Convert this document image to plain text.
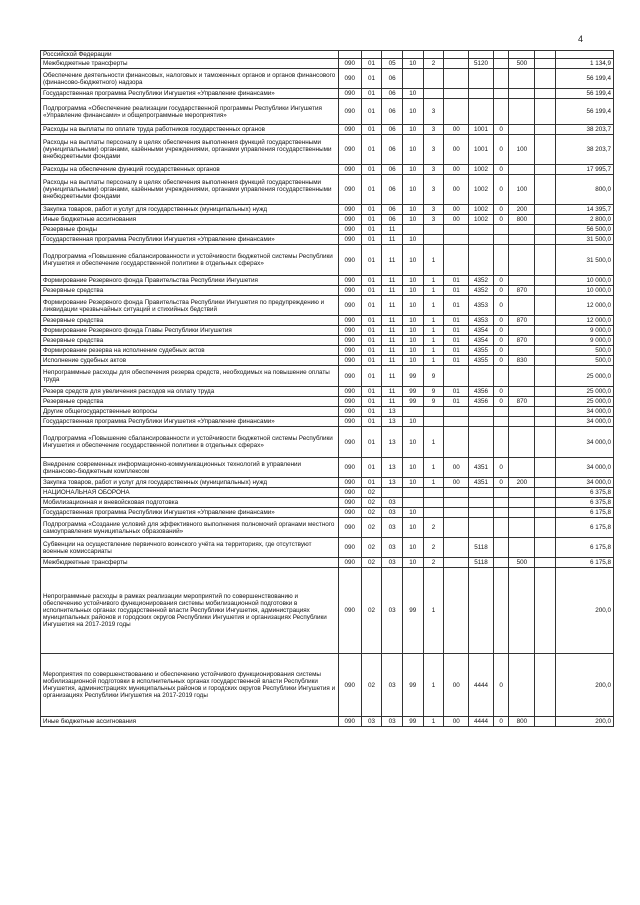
4
Российской Федерации											
Межбюджетные трансферты	090	01	05	10	2		5120		500		1 134,9
Обеспечение деятельности финансовых, налоговых и таможенных органов и органов финансового (финансово-бюджетного) надзора	090	01	06								56 199,4
Государственная программа Республики Ингушетия «Управление финансами»	090	01	06	10							56 199,4
Подпрограмма «Обеспечение реализации государственной программы Республики Ингушетия «Управление финансами» и общепрограммные мероприятия»	090	01	06	10	3						56 199,4
Расходы на выплаты по оплате труда работников государственных органов	090	01	06	10	3	00	1001	0			38 203,7
Расходы на выплаты персоналу в целях обеспечения выполнения функций государственными (муниципальными) органами, казёнными учреждениями, органами управления государственными внебюджетными фондами	090	01	06	10	3	00	1001	0	100		38 203,7
Расходы на обеспечение функций государственных органов	090	01	06	10	3	00	1002	0			17 995,7
Расходы на выплаты персоналу в целях обеспечения выполнения функций государственными (муниципальными) органами, казёнными учреждениями, органами управления государственными внебюджетными фондами	090	01	06	10	3	00	1002	0	100		800,0
Закупка товаров, работ и услуг для государственных (муниципальных) нужд	090	01	06	10	3	00	1002	0	200		14 395,7
Иные бюджетные ассигнования	090	01	06	10	3	00	1002	0	800		2 800,0
Резервные фонды	090	01	11								56 500,0
Государственная программа Республики Ингушетия «Управление финансами»	090	01	11	10							31 500,0
Подпрограмма «Повышение сбалансированности и устойчивости бюджетной системы Республики Ингушетия и обеспечение государственной политики в отдельных сферах»	090	01	11	10	1						31 500,0
Формирование Резервного фонда Правительства Республики Ингушетия	090	01	11	10	1	01	4352	0			10 000,0
Резервные средства	090	01	11	10	1	01	4352	0	870		10 000,0
Формирование Резервного фонда Правительства Республики Ингушетия по предупреждению и ликвидации чрезвычайных ситуаций и стихийных бедствий	090	01	11	10	1	01	4353	0			12 000,0
Резервные средства	090	01	11	10	1	01	4353	0	870		12 000,0
Формирование Резервного фонда Главы Республики Ингушетия	090	01	11	10	1	01	4354	0			9 000,0
Резервные средства	090	01	11	10	1	01	4354	0	870		9 000,0
Формирование резерва на исполнение судебных актов	090	01	11	10	1	01	4355	0			500,0
Исполнение судебных актов	090	01	11	10	1	01	4355	0	830		500,0
Непрограммные расходы для обеспечения резерва средств, необходимых на повышение оплаты труда	090	01	11	99	9						25 000,0
Резерв средств для увеличения расходов на оплату труда	090	01	11	99	9	01	4356	0			25 000,0
Резервные средства	090	01	11	99	9	01	4356	0	870		25 000,0
Другие общегосударственные вопросы	090	01	13								34 000,0
Государственная программа Республики Ингушетия «Управление финансами»	090	01	13	10							34 000,0
Подпрограмма «Повышение сбалансированности и устойчивости бюджетной системы Республики Ингушетия и обеспечение государственной политики в отдельных сферах»	090	01	13	10	1						34 000,0
Внедрение современных информационно-коммуникационных технологий в управлении финансово-бюджетным комплексом	090	01	13	10	1	00	4351	0			34 000,0
Закупка товаров, работ и услуг для государственных (муниципальных) нужд	090	01	13	10	1	00	4351	0	200		34 000,0
НАЦИОНАЛЬНАЯ ОБОРОНА	090	02									6 375,8
Мобилизационная и вневойсковая подготовка	090	02	03								6 375,8
Государственная программа Республики Ингушетия «Управление финансами»	090	02	03	10							6 175,8
Подпрограмма «Создание условий для эффективного выполнения полномочий органами местного самоуправления муниципальных образований»	090	02	03	10	2						6 175,8
Субвенции на осуществление первичного воинского учёта на территориях, где отсутствуют военные комиссариаты	090	02	03	10	2		5118				6 175,8
Межбюджетные трансферты	090	02	03	10	2		5118		500		6 175,8
Непрограммные расходы в рамках реализации мероприятий по совершенствованию и обеспечению устойчивого функционирования системы мобилизационной подготовки в исполнительных органах государственной власти Республики Ингушетия, администрациях муниципальных районов и городских округов Республики Ингушетия и организациях Республики Ингушетия на 2017-2019 годы	090	02	03	99	1						200,0
Мероприятия по совершенствованию и обеспечению устойчивого функционирования системы мобилизационной подготовки в исполнительных органах государственной власти Республики Ингушетия, администрациях муниципальных районов и городских округов Республики Ингушетия и организациях Республики Ингушетия на 2017-2019 годы	090	02	03	99	1	00	4444	0			200,0
Иные бюджетные ассигнования	090	03	03	99	1	00	4444	0	800		200,0
